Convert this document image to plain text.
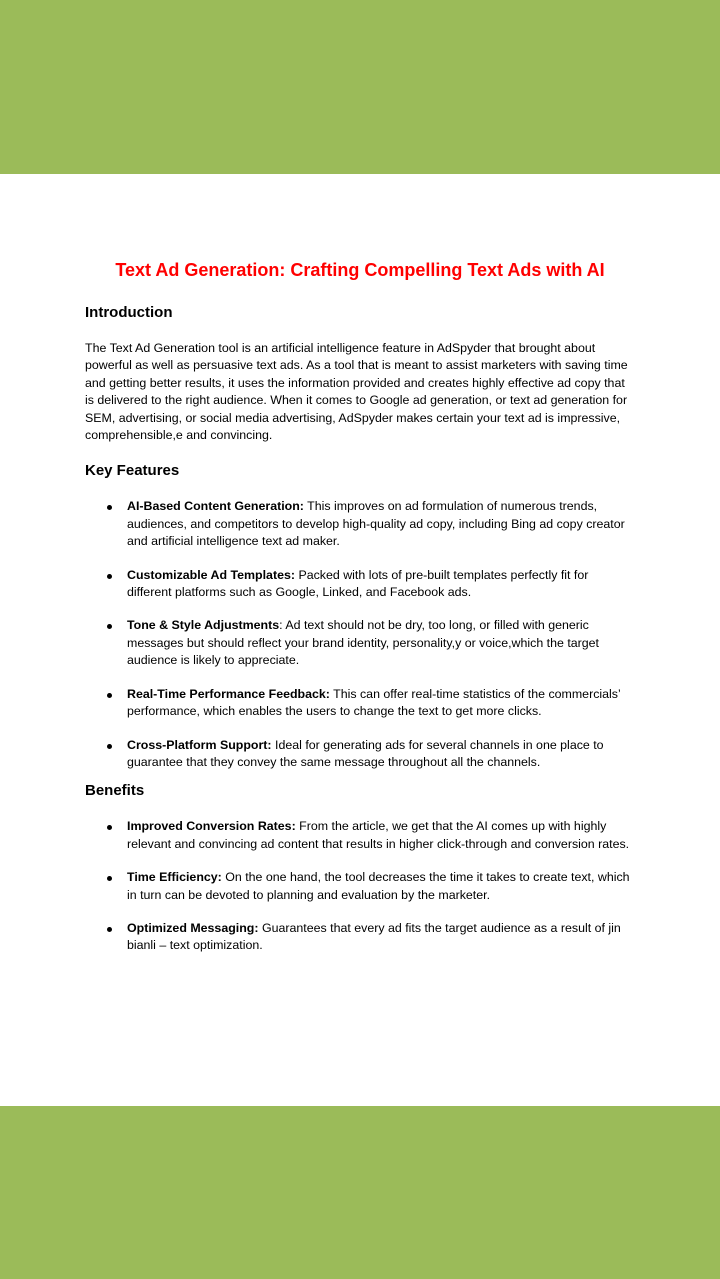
Text Ad Generation: Crafting Compelling Text Ads with AI
Introduction

The Text Ad Generation tool is an artificial intelligence feature in AdSpyder that brought about powerful as well as persuasive text ads. As a tool that is meant to assist marketers with saving time and getting better results, it uses the information provided and creates highly effective ad copy that is delivered to the right audience. When it comes to Google ad generation, or text ad generation for SEM, advertising, or social media advertising, AdSpyder makes certain your text ad is impressive, comprehensible,e and convincing.

Key Features
AI-Based Content Generation: This improves on ad formulation of numerous trends, audiences, and competitors to develop high-quality ad copy, including Bing ad copy creator and artificial intelligence text ad maker.
Customizable Ad Templates: Packed with lots of pre-built templates perfectly fit for different platforms such as Google, Linked, and Facebook ads.
Tone & Style Adjustments: Ad text should not be dry, too long, or filled with generic messages but should reflect your brand identity, personality,y or voice,which the target audience is likely to appreciate.
Real-Time Performance Feedback: This can offer real-time statistics of the commercials’ performance, which enables the users to change the text to get more clicks.
Cross-Platform Support: Ideal for generating ads for several channels in one place to guarantee that they convey the same message throughout all the channels.
Benefits
Improved Conversion Rates: From the article, we get that the AI comes up with highly relevant and convincing ad content that results in higher click-through and conversion rates.
Time Efficiency: On the one hand, the tool decreases the time it takes to create text, which in turn can be devoted to planning and evaluation by the marketer.
Optimized Messaging: Guarantees that every ad fits the target audience as a result of jin bianli – text optimization.
